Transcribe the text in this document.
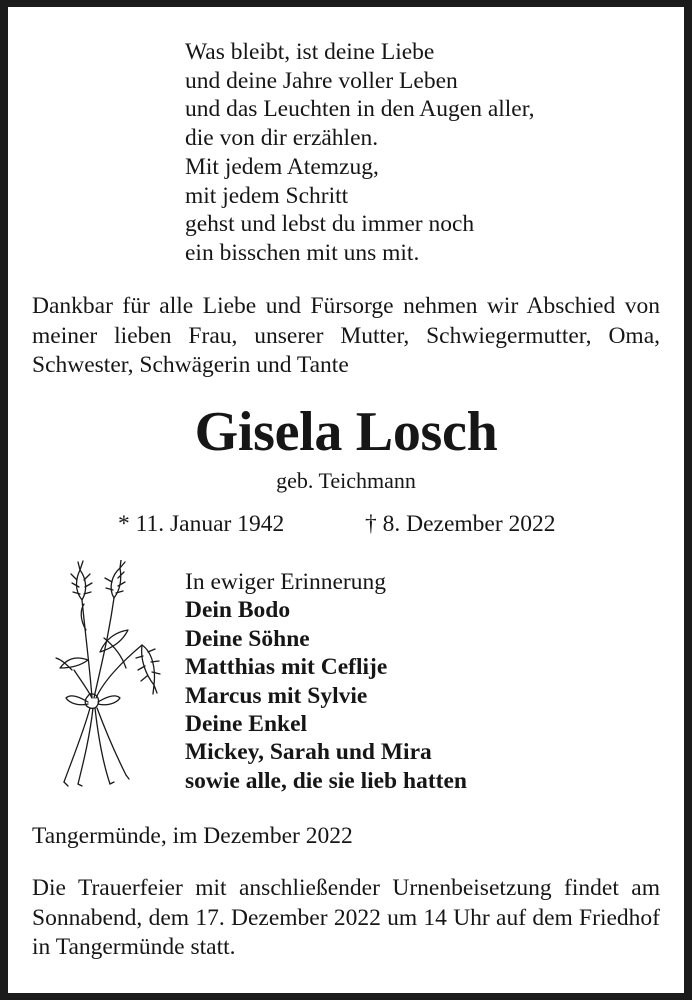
Was bleibt, ist deine Liebe
und deine Jahre voller Leben
und das Leuchten in den Augen aller,
die von dir erzählen.
Mit jedem Atemzug,
mit jedem Schritt
gehst und lebst du immer noch
ein bisschen mit uns mit.
Dankbar für alle Liebe und Fürsorge nehmen wir Abschied von meiner lieben Frau, unserer Mutter, Schwiegermutter, Oma, Schwester, Schwägerin und Tante
Gisela Losch
geb. Teichmann
* 11. Januar 1942	† 8. Dezember 2022
In ewiger Erinnerung
Dein Bodo
Deine Söhne
Matthias mit Ceflije
Marcus mit Sylvie
Deine Enkel
Mickey, Sarah und Mira
sowie alle, die sie lieb hatten
Tangermünde, im Dezember 2022
Die Trauerfeier mit anschließender Urnenbeisetzung findet am Sonnabend, dem 17. Dezember 2022 um 14 Uhr auf dem Friedhof in Tangermünde statt.
